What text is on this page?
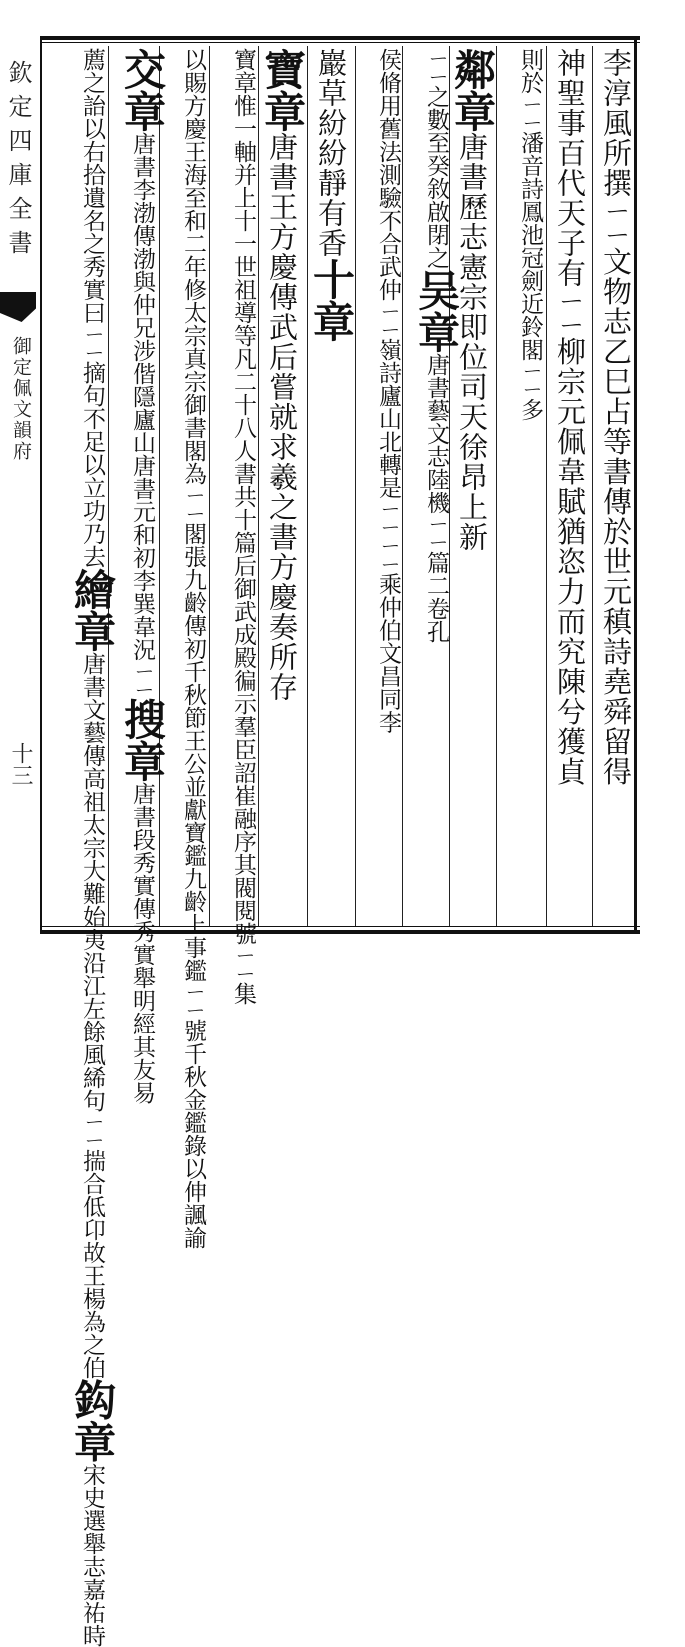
欽定四庫全書
御定佩文韻府
十三	李淳風所撰ㄧㄧ文物志乙巳占等書傳於世元稹詩堯舜留得
神聖事百代天子有ㄧㄧ柳宗元佩韋賦猶恣力而究陳兮獲貞
則於ㄧㄧ潘音詩鳳池冠劍近鈴閣ㄧㄧ多
鄰章唐書歷志憲宗即位司天徐昂上新
ㄧㄧ之數至癸敘啟閉之吴章唐書藝文志陸機ㄧㄧ篇二卷孔
侯脩用舊法測驗不合武仲ㄧㄧ嶺詩廬山北轉是ㄧㄧㄧㄧ乘仲伯文昌同李
巖草紛紛靜有香十章
寶章唐書王方慶傳武后嘗就求羲之書方慶奏所存
寶章惟一軸并上十一世祖導等凡二十八人書共十篇后御武成殿徧示羣臣詔崔融序其閥閱號ㄧㄧ集
以賜方慶王海至和二年修太宗真宗御書閣為ㄧㄧ閣張九齡傳初千秋節王公並獻寶鑑九齡上事鑑ㄧㄧ號千秋金鑑錄以伸諷諭
交章唐書李渤傳渤與仲兄涉偕隱廬山唐書元和初李巽韋況ㄧㄧ搜章唐書段秀實傳秀實舉明經其友易
薦之詒以右拾遺名之秀實曰ㄧㄧ摘句不足以立功乃去繪章唐書文藝傳高祖太宗大難始夷沿江左餘風絺句ㄧㄧ揣合低卬故王楊為之伯鈎章宋史選舉志嘉祐時
